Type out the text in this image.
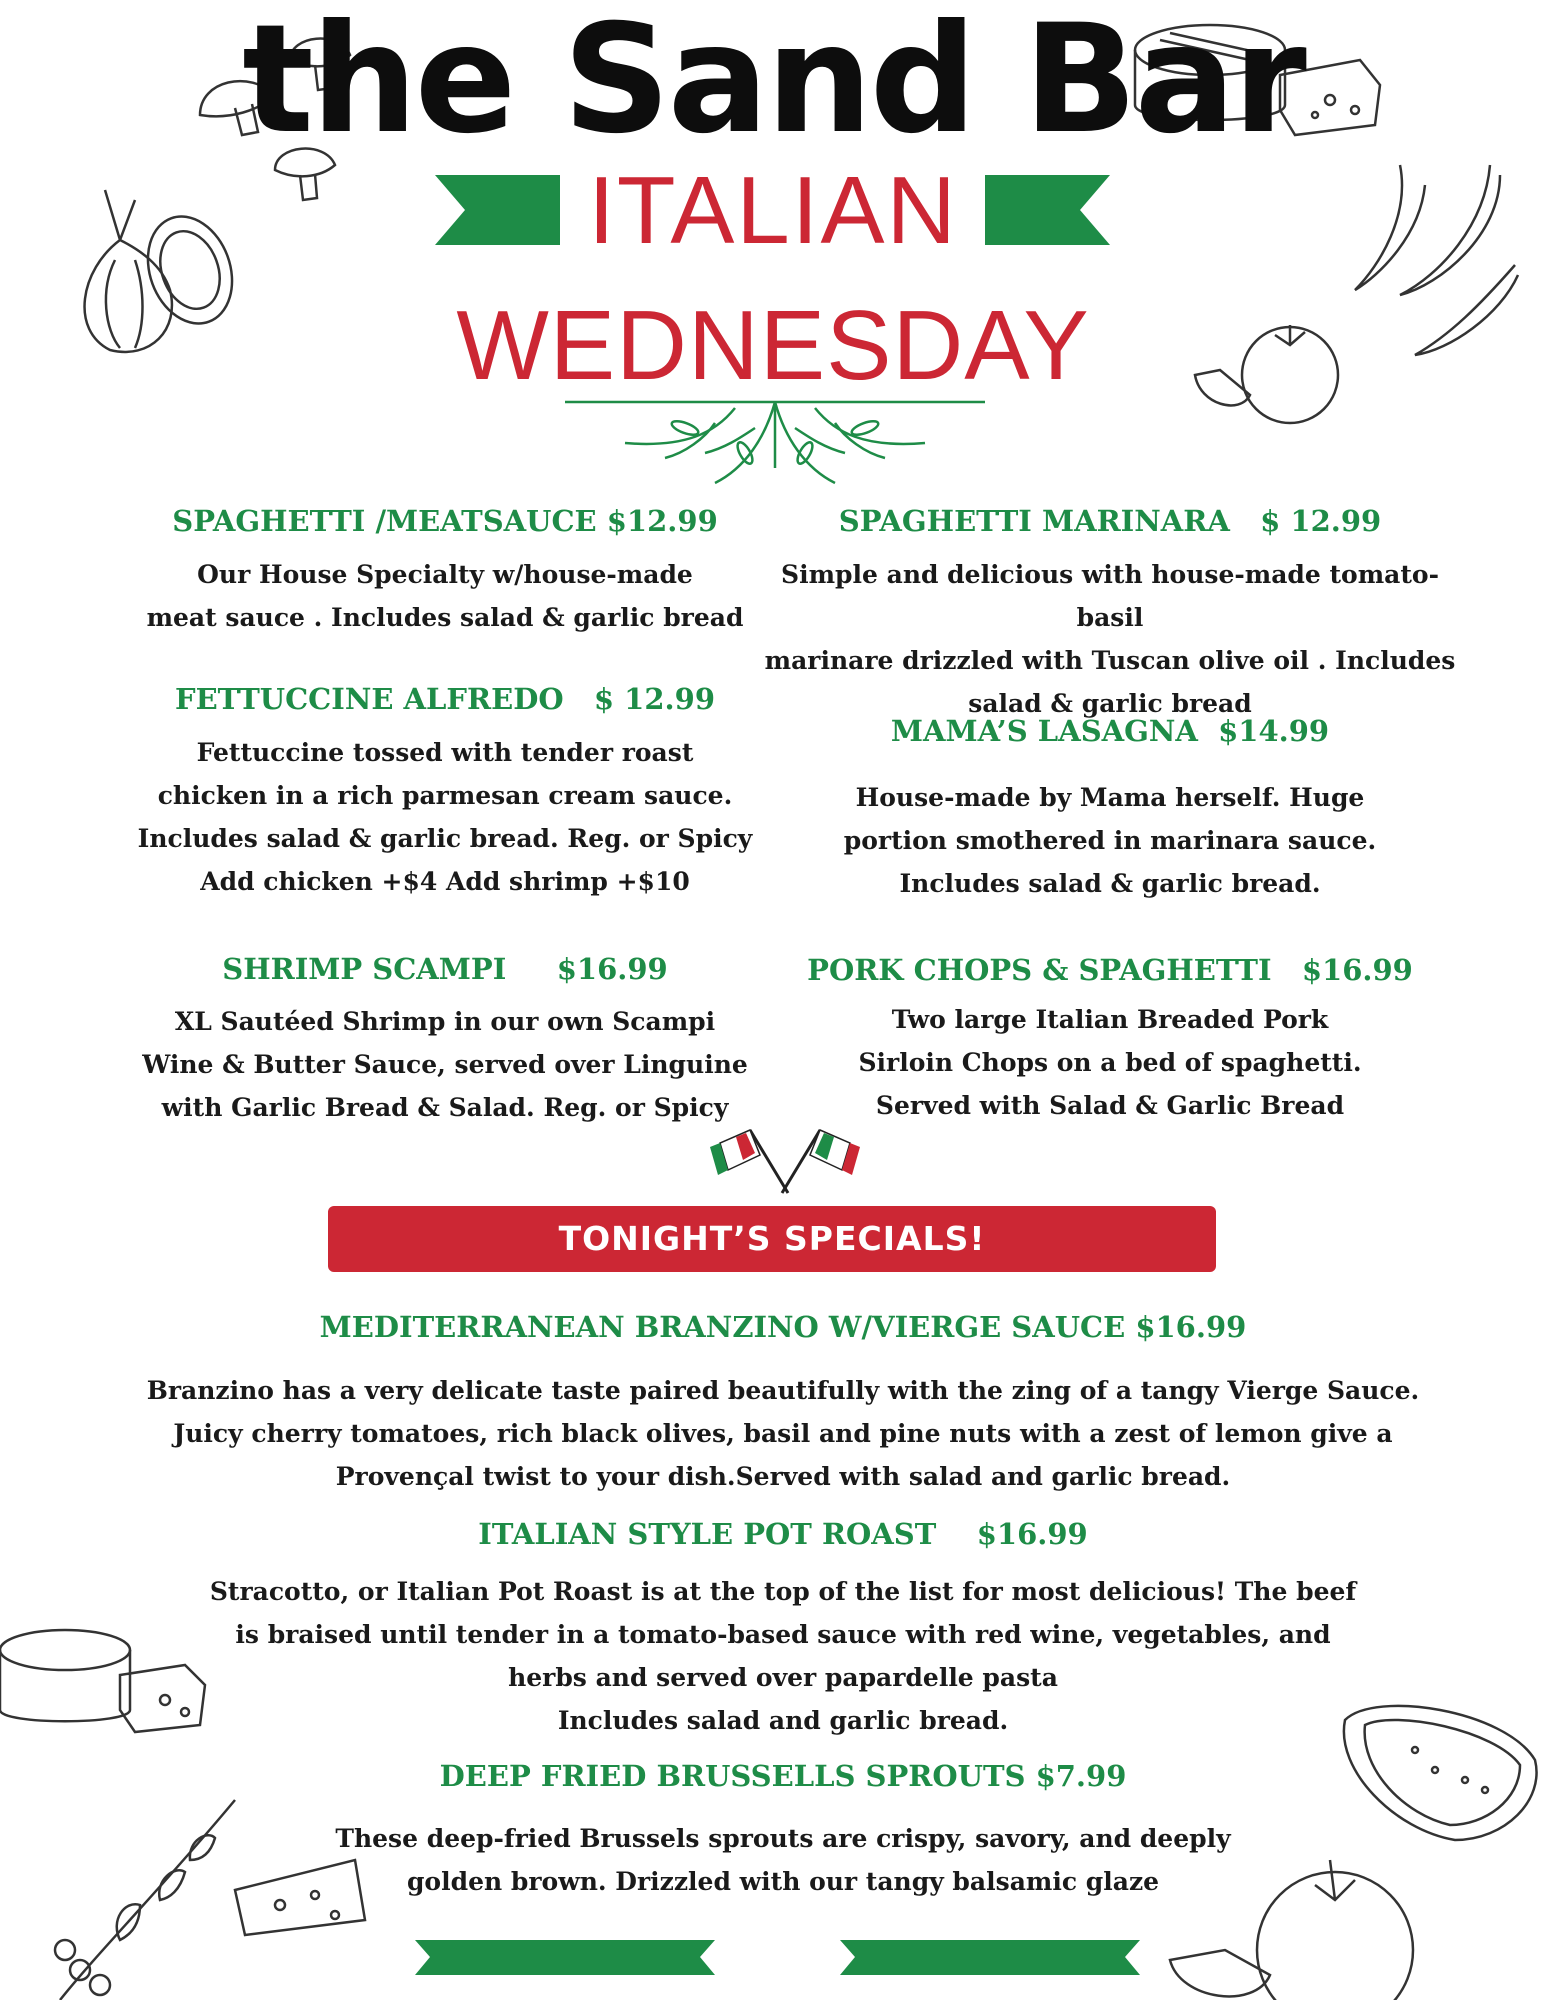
the Sand Bar
ITALIAN
WEDNESDAY
SPAGHETTI /MEATSAUCE $12.99
Our House Specialty w/house-made
meat sauce . Includes salad & garlic bread
FETTUCCINE ALFREDO   $ 12.99
Fettuccine tossed with tender roast
chicken in a rich parmesan cream sauce.
Includes salad & garlic bread. Reg. or Spicy
Add chicken +$4 Add shrimp +$10
SHRIMP SCAMPI     $16.99
XL Sautéed Shrimp in our own Scampi
Wine & Butter Sauce, served over Linguine
with Garlic Bread & Salad. Reg. or Spicy
SPAGHETTI MARINARA   $ 12.99
Simple and delicious with house-made tomato-basil
marinare drizzled with Tuscan olive oil . Includes
salad & garlic bread
MAMA’S LASAGNA  $14.99
House-made by Mama herself. Huge
portion smothered in marinara sauce.
Includes salad & garlic bread.
PORK CHOPS & SPAGHETTI   $16.99
Two large Italian Breaded Pork
Sirloin Chops on a bed of spaghetti.
Served with Salad & Garlic Bread
TONIGHT’S SPECIALS!
MEDITERRANEAN BRANZINO W/VIERGE SAUCE $16.99
Branzino has a very delicate taste paired beautifully with the zing of a tangy Vierge Sauce.
Juicy cherry tomatoes, rich black olives, basil and pine nuts with a zest of lemon give a
Provençal twist to your dish.Served with salad and garlic bread.
ITALIAN STYLE POT ROAST    $16.99
Stracotto, or Italian Pot Roast is at the top of the list for most delicious! The beef
is braised until tender in a tomato-based sauce with red wine, vegetables, and
herbs and served over papardelle pasta
Includes salad and garlic bread.
DEEP FRIED BRUSSELLS SPROUTS $7.99
These deep-fried Brussels sprouts are crispy, savory, and deeply
golden brown. Drizzled with our tangy balsamic glaze
